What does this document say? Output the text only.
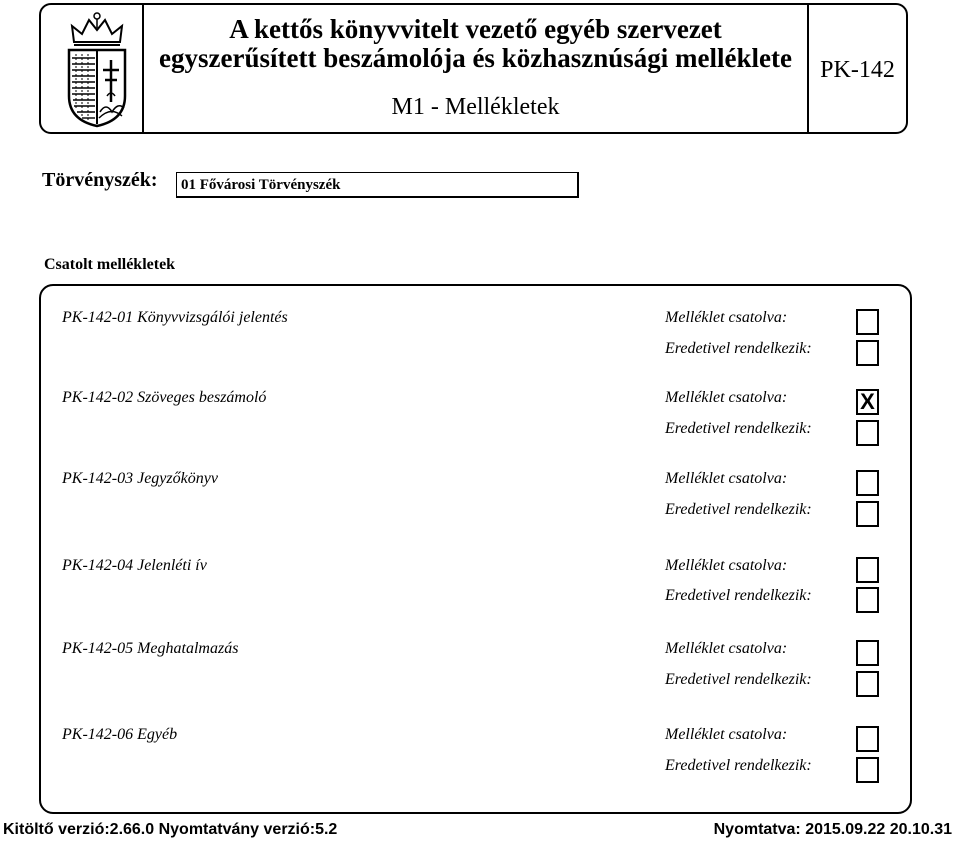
A kettős könyvvitelt vezető egyéb szervezet
egyszerűsített beszámolója és közhasznúsági melléklete
M1 - Mellékletek
PK-142
Törvényszék:	01 Fővárosi Törvényszék
Csatolt mellékletek
PK-142-01 Könyvvizsgálói jelentés	Melléklet csatolva:
Eredetivel rendelkezik:
PK-142-02 Szöveges beszámoló	Melléklet csatolva:	X
Eredetivel rendelkezik:
PK-142-03 Jegyzőkönyv	Melléklet csatolva:
Eredetivel rendelkezik:
PK-142-04 Jelenléti ív	Melléklet csatolva:
Eredetivel rendelkezik:
PK-142-05 Meghatalmazás	Melléklet csatolva:
Eredetivel rendelkezik:
PK-142-06 Egyéb	Melléklet csatolva:
Eredetivel rendelkezik:
Kitöltő verzió:2.66.0 Nyomtatvány verzió:5.2	Nyomtatva: 2015.09.22 20.10.31
